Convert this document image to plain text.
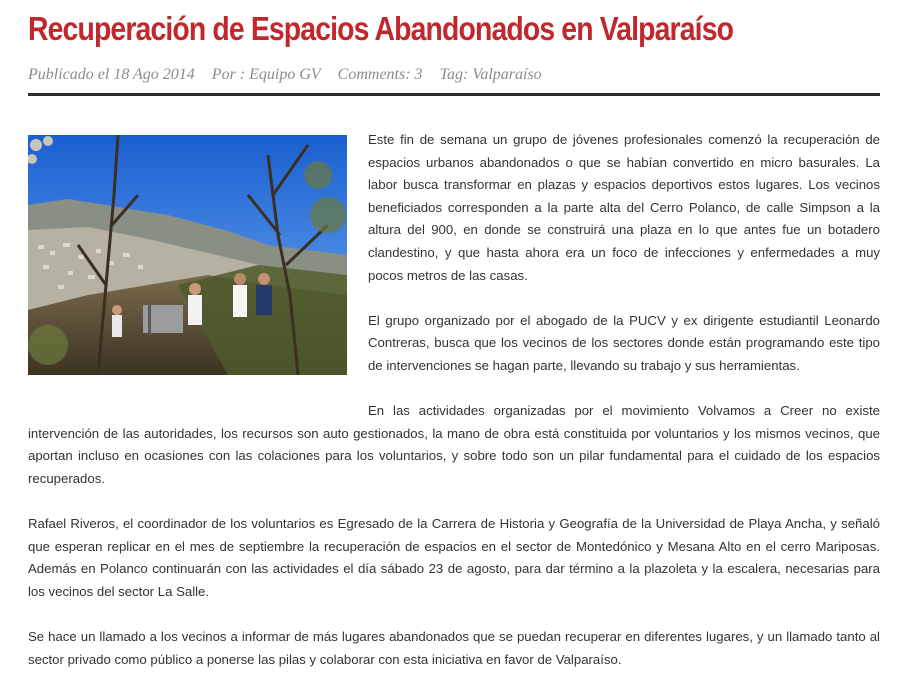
Recuperación de Espacios Abandonados en Valparaíso
Publicado el 18 Ago 2014 Por : Equipo GV Comments: 3 Tag: Valparaíso

Este fin de semana un grupo de jóvenes profesionales comenzó la recuperación de espacios urbanos abandonados o que se habían convertido en micro basurales. La labor busca transformar en plazas y espacios deportivos estos lugares. Los vecinos beneficiados corresponden a la parte alta del Cerro Polanco, de calle Simpson a la altura del 900, en donde se construirá una plaza en lo que antes fue un botadero clandestino, y que hasta ahora era un foco de infecciones y enfermedades a muy pocos metros de las casas.

El grupo organizado por el abogado de la PUCV y ex dirigente estudiantil Leonardo Contreras, busca que los vecinos de los sectores donde están programando este tipo de intervenciones se hagan parte, llevando su trabajo y sus herramientas.

En las actividades organizadas por el movimiento Volvamos a Creer no existe intervención de las autoridades, los recursos son auto gestionados, la mano de obra está constituida por voluntarios y los mismos vecinos, que aportan incluso en ocasiones con las colaciones para los voluntarios, y sobre todo son un pilar fundamental para el cuidado de los espacios recuperados.

Rafael Riveros, el coordinador de los voluntarios es Egresado de la Carrera de Historia y Geografía de la Universidad de Playa Ancha, y señaló que esperan replicar en el mes de septiembre la recuperación de espacios en el sector de Montedónico y Mesana Alto en el cerro Mariposas. Además en Polanco continuarán con las actividades el día sábado 23 de agosto, para dar término a la plazoleta y la escalera, necesarias para los vecinos del sector La Salle.

Se hace un llamado a los vecinos a informar de más lugares abandonados que se puedan recuperar en diferentes lugares, y un llamado tanto al sector privado como público a ponerse las pilas y colaborar con esta iniciativa en favor de Valparaíso.
